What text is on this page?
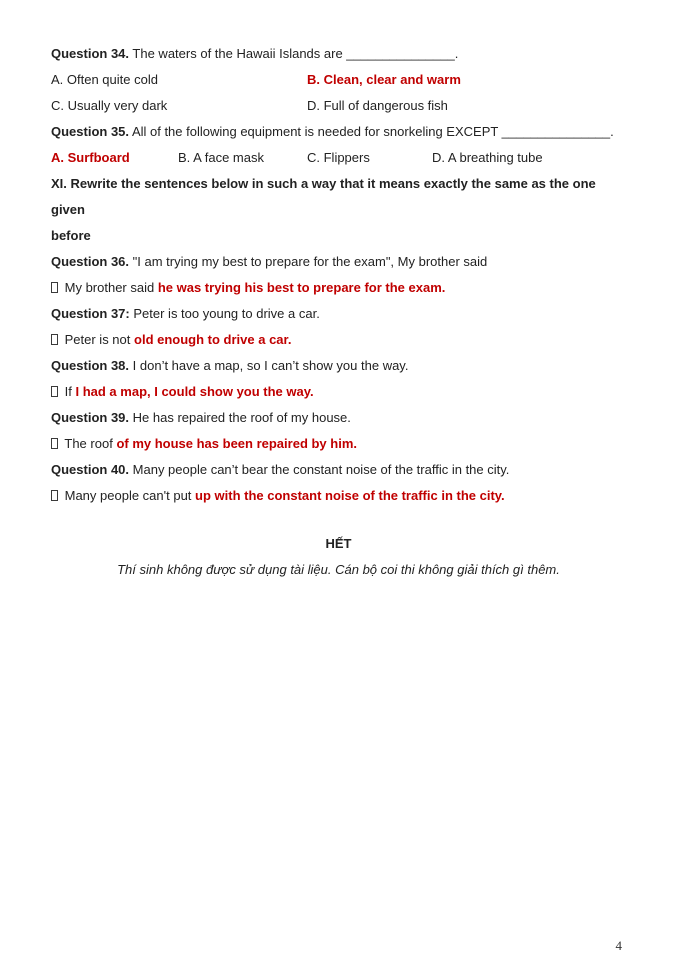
Question 34. The waters of the Hawaii Islands are _______________.

A. Often quite cold	B. Clean, clear and warm
C. Usually very dark	D. Full of dangerous fish

Question 35. All of the following equipment is needed for snorkeling EXCEPT _______________.

A. Surfboard	B. A face mask	C. Flippers	D. A breathing tube

XI. Rewrite the sentences below in such a way that it means exactly the same as the one given
before

Question 36. "I am trying my best to prepare for the exam", My brother said

My brother said he was trying his best to prepare for the exam.

Question 37: Peter is too young to drive a car.

Peter is not old enough to drive a car.

Question 38. I don’t have a map, so I can’t show you the way.

If I had a map, I could show you the way.

Question 39. He has repaired the roof of my house.

The roof of my house has been repaired by him.

Question 40. Many people can’t bear the constant noise of the traffic in the city.

Many people can't put up with the constant noise of the traffic in the city.

HẾT

Thí sinh không được sử dụng tài liệu. Cán bộ coi thi không giải thích gì thêm.

4
